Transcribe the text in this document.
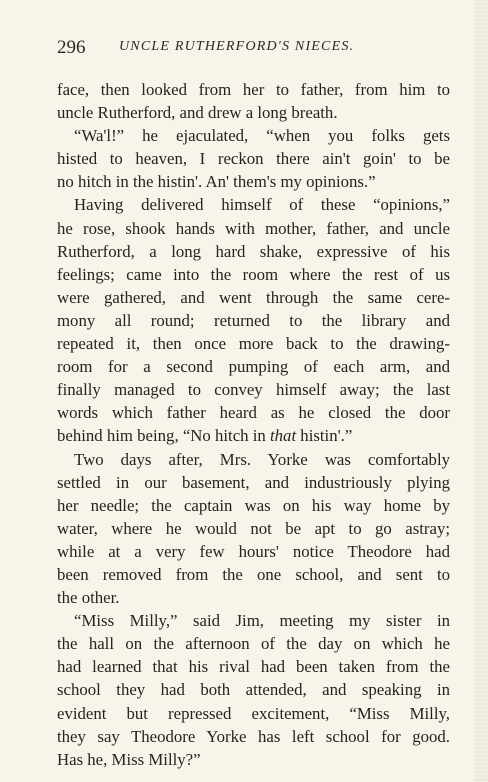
296 UNCLE RUTHERFORD'S NIECES.
face, then looked from her to father, from him to
uncle Rutherford, and drew a long breath.
“Wa'l!” he ejaculated, “when you folks gets
histed to heaven, I reckon there ain't goin' to be
no hitch in the histin'. An' them's my opinions.”
Having delivered himself of these “opinions,”
he rose, shook hands with mother, father, and uncle
Rutherford, a long hard shake, expressive of his
feelings; came into the room where the rest of us
were gathered, and went through the same cere-
mony all round; returned to the library and
repeated it, then once more back to the drawing-
room for a second pumping of each arm, and
finally managed to convey himself away; the last
words which father heard as he closed the door
behind him being, “No hitch in that histin'.”
Two days after, Mrs. Yorke was comfortably
settled in our basement, and industriously plying
her needle; the captain was on his way home by
water, where he would not be apt to go astray;
while at a very few hours' notice Theodore had
been removed from the one school, and sent to
the other.
“Miss Milly,” said Jim, meeting my sister in
the hall on the afternoon of the day on which he
had learned that his rival had been taken from the
school they had both attended, and speaking in
evident but repressed excitement, “Miss Milly,
they say Theodore Yorke has left school for good.
Has he, Miss Milly?”
